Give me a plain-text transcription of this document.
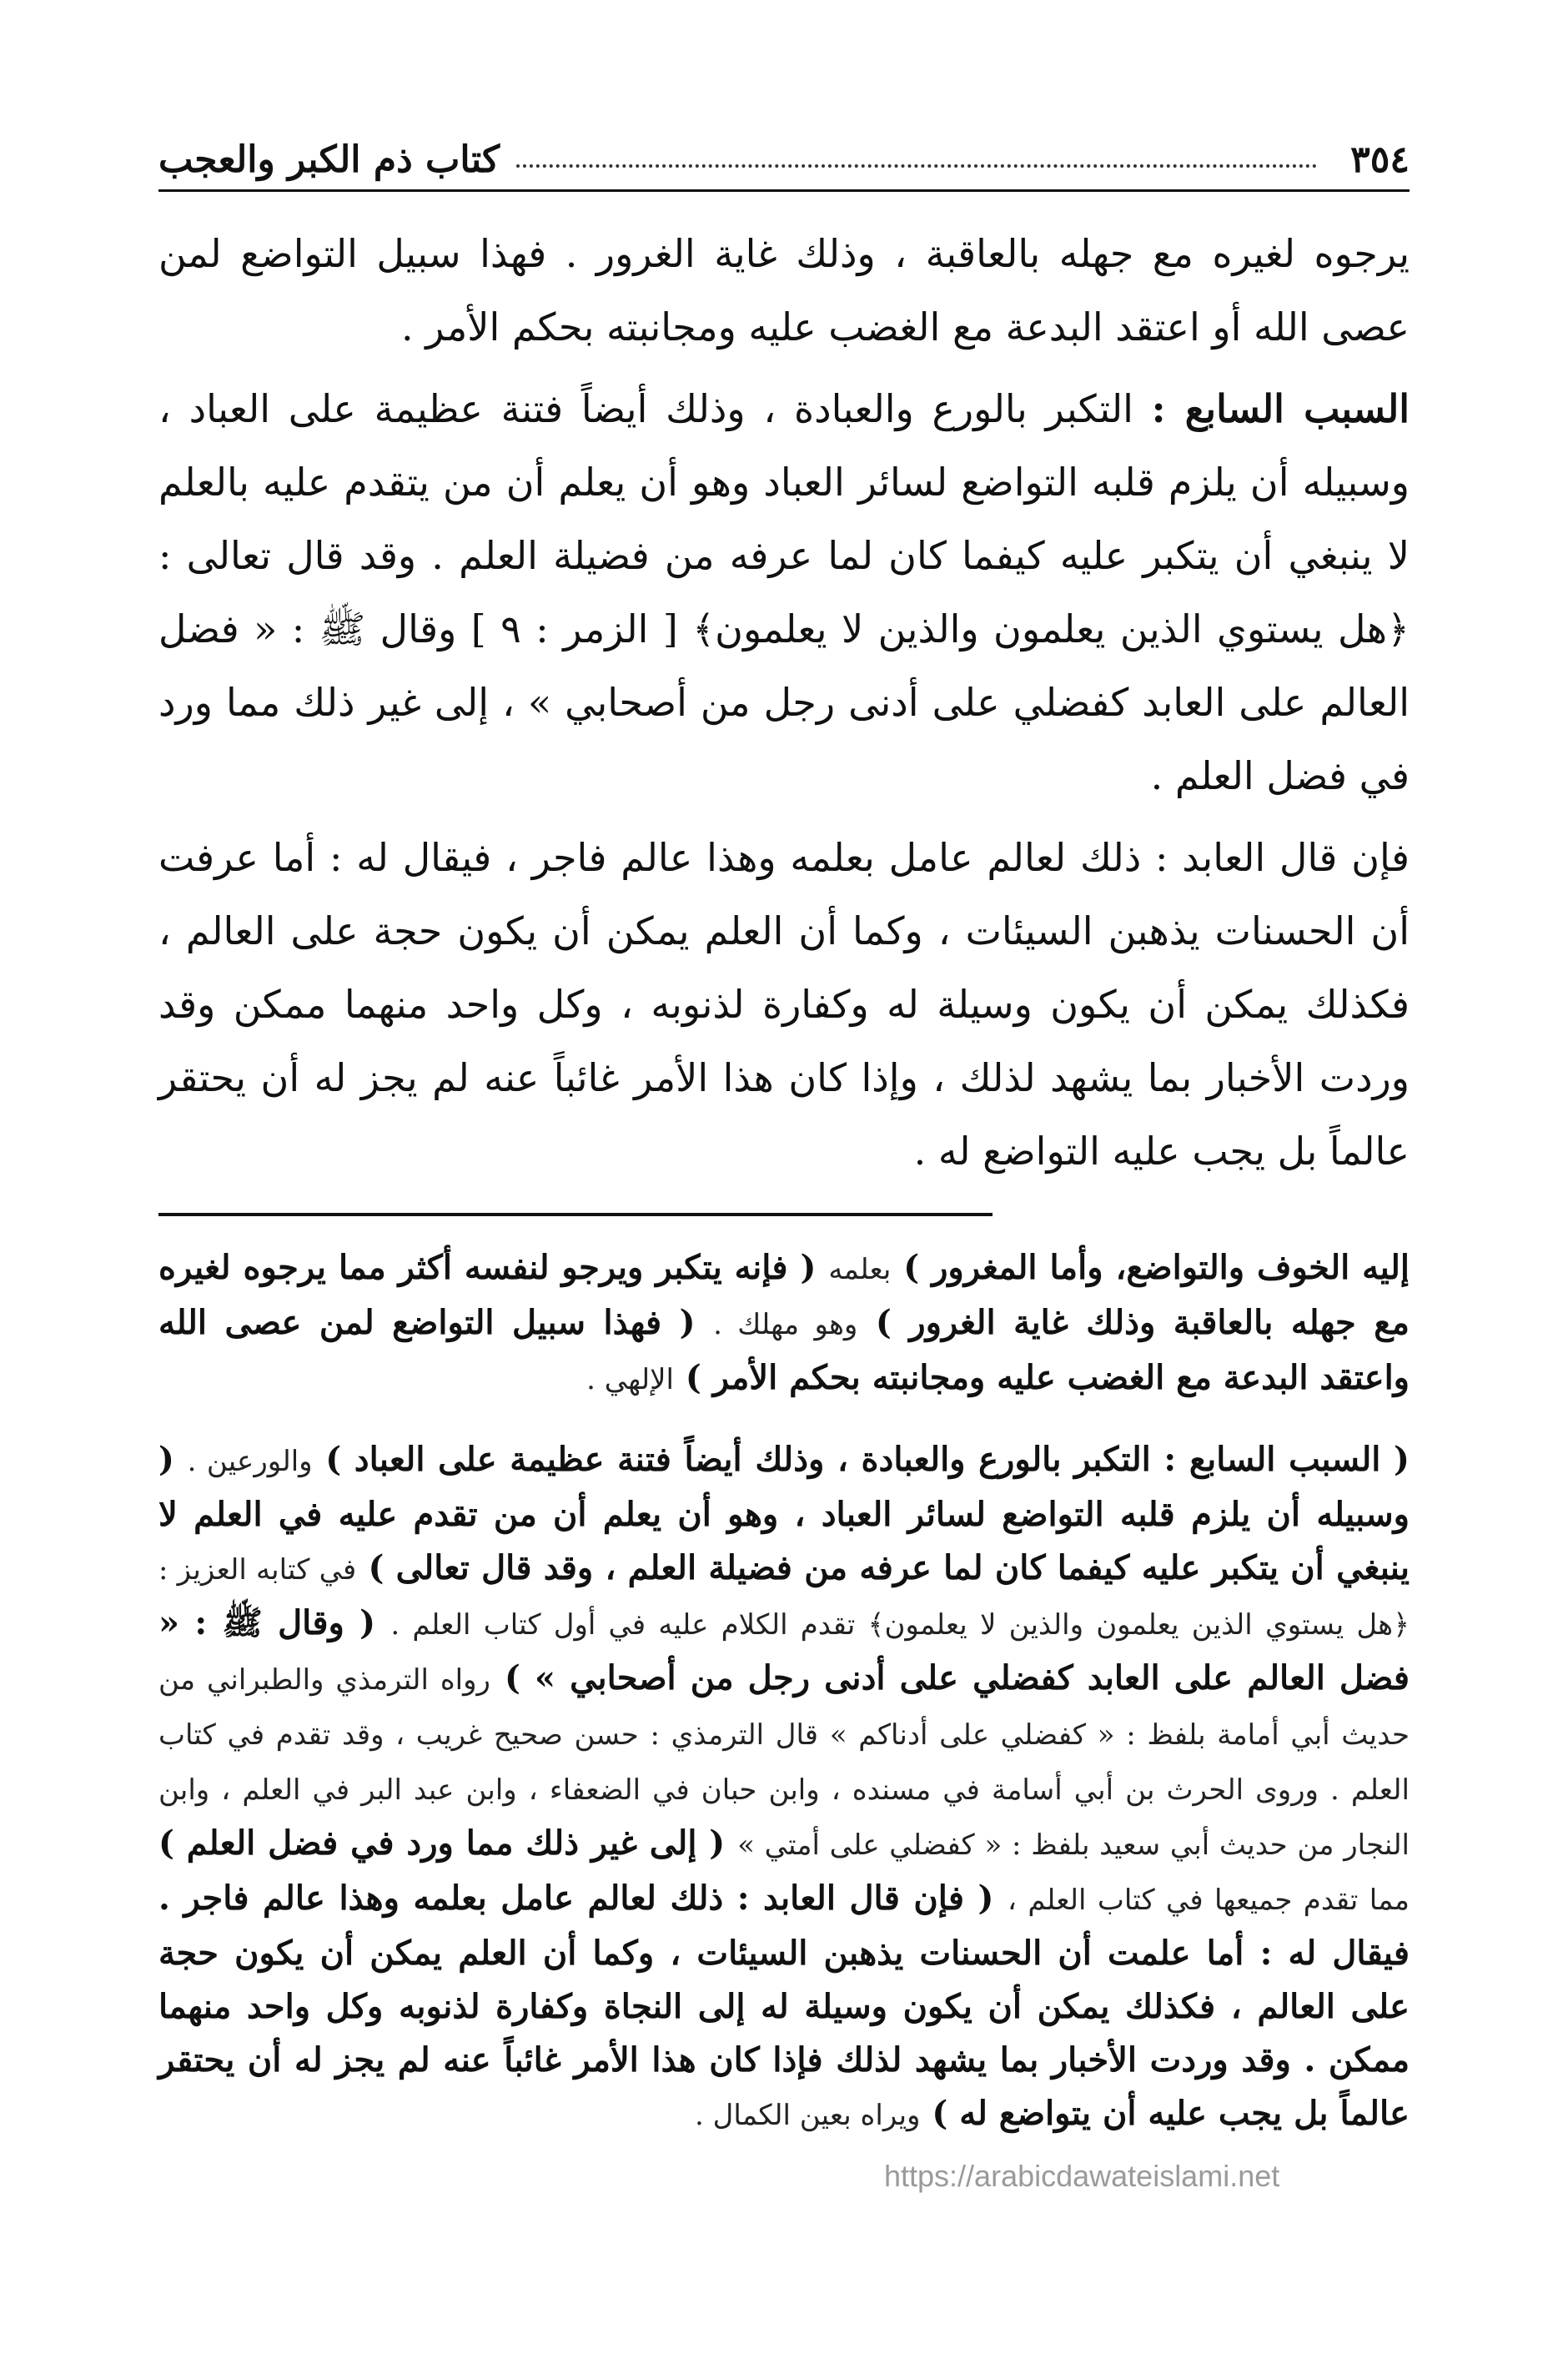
٣٥٤
كتاب ذم الكبر والعجب

يرجوه لغيره مع جهله بالعاقبة ، وذلك غاية الغرور . فهذا سبيل التواضع لمن عصى الله أو اعتقد البدعة مع الغضب عليه ومجانبته بحكم الأمر .

السبب السابع : التكبر بالورع والعبادة ، وذلك أيضاً فتنة عظيمة على العباد ، وسبيله أن يلزم قلبه التواضع لسائر العباد وهو أن يعلم أن من يتقدم عليه بالعلم لا ينبغي أن يتكبر عليه كيفما كان لما عرفه من فضيلة العلم . وقد قال تعالى : ﴿هل يستوي الذين يعلمون والذين لا يعلمون﴾ [ الزمر : ٩ ] وقال ﷺ : « فضل العالم على العابد كفضلي على أدنى رجل من أصحابي » ، إلى غير ذلك مما ورد في فضل العلم .

فإن قال العابد : ذلك لعالم عامل بعلمه وهذا عالم فاجر ، فيقال له : أما عرفت أن الحسنات يذهبن السيئات ، وكما أن العلم يمكن أن يكون حجة على العالم ، فكذلك يمكن أن يكون وسيلة له وكفارة لذنوبه ، وكل واحد منهما ممكن وقد وردت الأخبار بما يشهد لذلك ، وإذا كان هذا الأمر غائباً عنه لم يجز له أن يحتقر عالماً بل يجب عليه التواضع له .

إليه الخوف والتواضع، وأما المغرور ) بعلمه ( فإنه يتكبر ويرجو لنفسه أكثر مما يرجوه لغيره مع جهله بالعاقبة وذلك غاية الغرور ) وهو مهلك . ( فهذا سبيل التواضع لمن عصى الله واعتقد البدعة مع الغضب عليه ومجانبته بحكم الأمر ) الإلهي .

( السبب السابع : التكبر بالورع والعبادة ، وذلك أيضاً فتنة عظيمة على العباد ) والورعين . ( وسبيله أن يلزم قلبه التواضع لسائر العباد ، وهو أن يعلم أن من تقدم عليه في العلم لا ينبغي أن يتكبر عليه كيفما كان لما عرفه من فضيلة العلم ، وقد قال تعالى ) في كتابه العزيز : ﴿هل يستوي الذين يعلمون والذين لا يعلمون﴾ تقدم الكلام عليه في أول كتاب العلم . ( وقال ﷺ : « فضل العالم على العابد كفضلي على أدنى رجل من أصحابي » ) رواه الترمذي والطبراني من حديث أبي أمامة بلفظ : « كفضلي على أدناكم » قال الترمذي : حسن صحيح غريب ، وقد تقدم في كتاب العلم . وروى الحرث بن أبي أسامة في مسنده ، وابن حبان في الضعفاء ، وابن عبد البر في العلم ، وابن النجار من حديث أبي سعيد بلفظ : « كفضلي على أمتي » ( إلى غير ذلك مما ورد في فضل العلم ) مما تقدم جميعها في كتاب العلم ، ( فإن قال العابد : ذلك لعالم عامل بعلمه وهذا عالم فاجر . فيقال له : أما علمت أن الحسنات يذهبن السيئات ، وكما أن العلم يمكن أن يكون حجة على العالم ، فكذلك يمكن أن يكون وسيلة له إلى النجاة وكفارة لذنوبه وكل واحد منهما ممكن . وقد وردت الأخبار بما يشهد لذلك فإذا كان هذا الأمر غائباً عنه لم يجز له أن يحتقر عالماً بل يجب عليه أن يتواضع له ) ويراه بعين الكمال .

https://arabicdawateislami.net
